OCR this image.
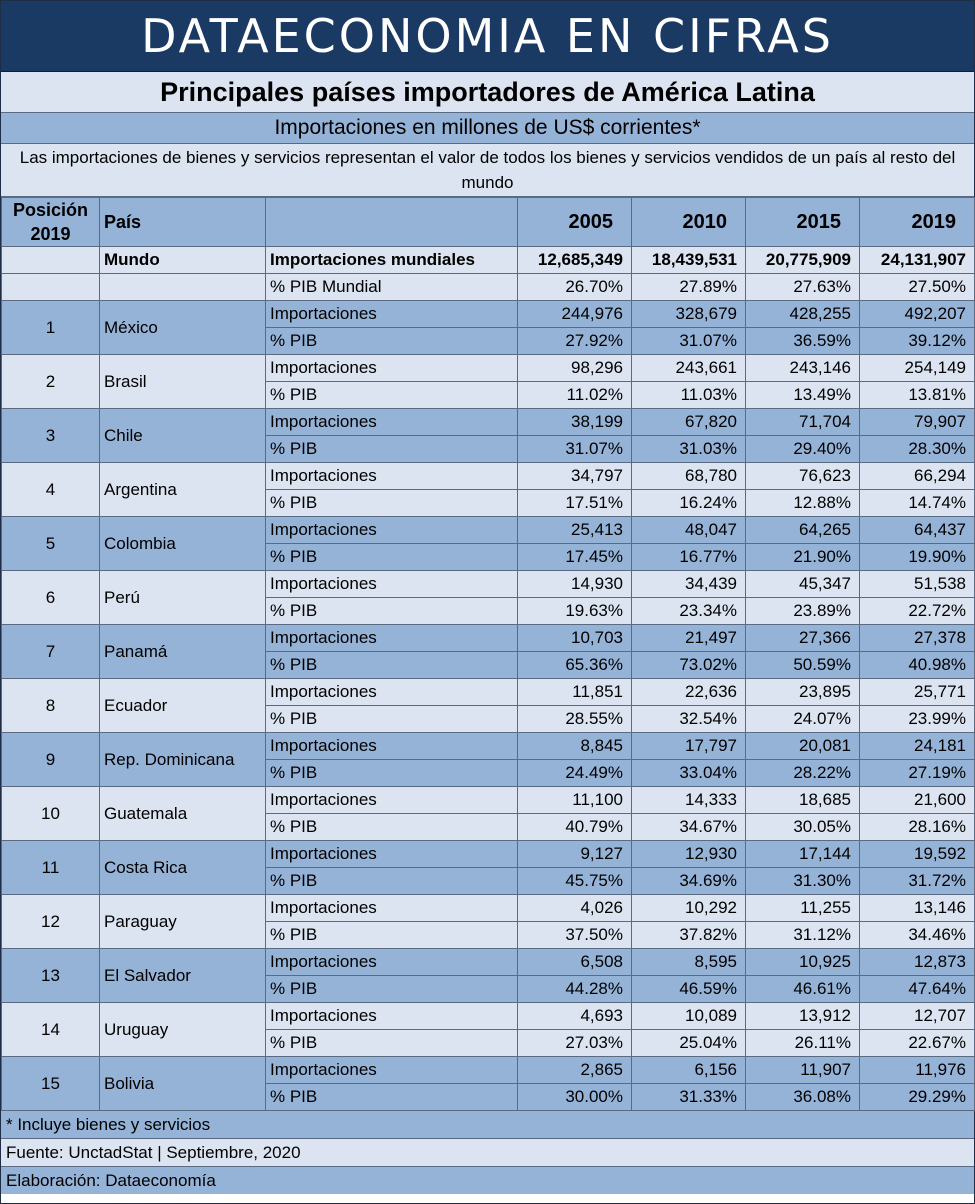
DATAECONOMIA EN CIFRAS
Principales países importadores de América Latina
Importaciones en millones de US$ corrientes*
Las importaciones de bienes y servicios representan el valor de todos los bienes y servicios vendidos de un país al resto del mundo
Posición 2019	País		2005	2010	2015	2019
	Mundo	Importaciones mundiales	12,685,349	18,439,531	20,775,909	24,131,907
		% PIB Mundial	26.70%	27.89%	27.63%	27.50%
1	México	Importaciones	244,976	328,679	428,255	492,207
		% PIB	27.92%	31.07%	36.59%	39.12%
2	Brasil	Importaciones	98,296	243,661	243,146	254,149
		% PIB	11.02%	11.03%	13.49%	13.81%
3	Chile	Importaciones	38,199	67,820	71,704	79,907
		% PIB	31.07%	31.03%	29.40%	28.30%
4	Argentina	Importaciones	34,797	68,780	76,623	66,294
		% PIB	17.51%	16.24%	12.88%	14.74%
5	Colombia	Importaciones	25,413	48,047	64,265	64,437
		% PIB	17.45%	16.77%	21.90%	19.90%
6	Perú	Importaciones	14,930	34,439	45,347	51,538
		% PIB	19.63%	23.34%	23.89%	22.72%
7	Panamá	Importaciones	10,703	21,497	27,366	27,378
		% PIB	65.36%	73.02%	50.59%	40.98%
8	Ecuador	Importaciones	11,851	22,636	23,895	25,771
		% PIB	28.55%	32.54%	24.07%	23.99%
9	Rep. Dominicana	Importaciones	8,845	17,797	20,081	24,181
		% PIB	24.49%	33.04%	28.22%	27.19%
10	Guatemala	Importaciones	11,100	14,333	18,685	21,600
		% PIB	40.79%	34.67%	30.05%	28.16%
11	Costa Rica	Importaciones	9,127	12,930	17,144	19,592
		% PIB	45.75%	34.69%	31.30%	31.72%
12	Paraguay	Importaciones	4,026	10,292	11,255	13,146
		% PIB	37.50%	37.82%	31.12%	34.46%
13	El Salvador	Importaciones	6,508	8,595	10,925	12,873
		% PIB	44.28%	46.59%	46.61%	47.64%
14	Uruguay	Importaciones	4,693	10,089	13,912	12,707
		% PIB	27.03%	25.04%	26.11%	22.67%
15	Bolivia	Importaciones	2,865	6,156	11,907	11,976
		% PIB	30.00%	31.33%	36.08%	29.29%
* Incluye bienes y servicios
Fuente: UnctadStat | Septiembre, 2020
Elaboración: Dataeconomía
